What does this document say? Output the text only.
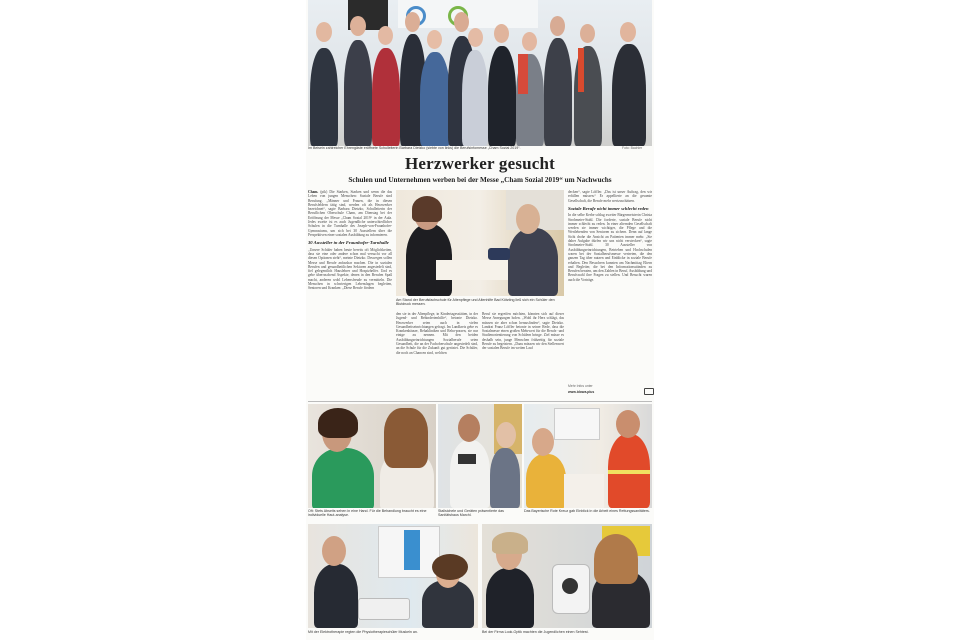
Im Beisein zahlreicher Ehrengäste eröffnete Schulleiterin Barbara Dietzko (siebte von links) die Berufsinfomesse „Cham Sozial 2019“.	Foto: Bachler
Herzwerker gesucht
Schulen und Unternehmen werben bei der Messe „Cham Sozial 2019“ um Nachwuchs
Cham. (pik) Die Starken, Starken und wenn die das Leben von jungen Menschen: Soziale Berufe sind Berufung. „Männer und Frauen, die in diesen Berufsfeldern tätig sind, werden oft als Herzwerker bezeichnet“, sagte Barbara Dietzko, Schulleiterin der Beruflichen Oberschule Cham, am Dienstag bei der Eröffnung der Messe „Cham Sozial 2019“ in der Aula. Jedes zweite ist es auch Jugendliche unterschiedlicher Schulen in die Turnhalle des Joseph-von-Fraunhofer-Gymnasiums, um sich bei 30 Ausstellern über die Perspektiven einer sozialen Ausbildung zu informieren.
30 Aussteller in der Fraunhofer-Turnhalle
„Unsere Schüler haben heute bereits oft Möglichkeiten, dass sie eine oder andere schon mal versucht vor all diesen Optionen steht“, meinte Dietzko. Deswegen sollen Messe und Berufe anfassbar machen. Die in sozialen Berufen und gesundheitlichen Sektoren angesiedelt sind, fiel gelegentlich Hauslehrer und Hospizhelfer. Und es gebe überraschend Aspekte, denen in den Berufen Spaß macht, anderen wohl Lebensfreude zu vermitteln. Die Menschen in schwierigen Lebenslagen begleiten, Senioren und Kranken: „Diese Berufe fördern
Am Stand der Berufsfachschule für Altenpflege und Altenhilfe Bad Kötzting ließ sich ein Schüler den Blutdruck messen.
den sie in der Altenpflege, in Kindertagesstätten, in der Jugend- und Behindertenhilfe“, betonte Dietzko. Herzwerker seien auch in vielen Gesundheitseinrichtungen gefragt. Im Landkreis gebe es Krankenhäuser, Rehakliniken und Reha-praxen, sie nur einige zu nennen. Mit den beiden Ausbildungseinrichtungen Sozialberufe seien Gesundheit, die an der Fachoberschule angesiedelt sind, an die Schule für die Zukunft gut gerüstet. Die Schüler, die noch an Chancen sind, welchen
Beruf sie ergreifen möchten, könnten sich auf dieser Messe Anregungen holen. „Wohl ihr Herz schlägt, das müssen sie aber schon herausfinden“, sagte Dietzko. Landrat Franz Löffler betonte in seiner Rede, dass die Sozialmesse einen großen Mehrwert für die Berufs- und Studienorientierung von Schülern bringe. Ziel müsse es deshalb sein, junge Menschen frühzeitig für soziale Berufe zu begeistern. „Dazu müssen wir den Stellenwert der sozialen Berufe im weiten Lauf
Mehr Infos unter
www.idowa.plus
decken“, sagte Löffler. „Das ist unser Auftrag, den wir erfüllen müssen.“ Er appellierte an die gesamte Gesellschaft, die Berufe mehr wertzuschätzen.
Soziale Berufe nicht immer schlecht reden
In die selbe Kerbe schlug zweiter Bürgermeisterin Christa Strohmeier-Stahl. Die forderte, soziale Berufe nicht immer schlecht zu reden. In einer alternden Gesellschaft werden sie immer wichtiger, die Pflege und die Wertlebenden von Senioren zu sichern. Denn auf lange Sicht drohe die Ansicht an Patienten immer mehr. „Sie daher Aufgabe dürfen wir uns nicht verstecken“, sagte Strohmeier-Stahl. 30 Aussteller von Ausbildungseinrichtungen, Betrieben und Hochschulen waren bei der Sozialberufsmesse vertreten, die den ganzen Tag über nutzen und Einblicke in soziale Berufe erhalten. Den Besuchern konnten am Nachmittag Eltern und Begleiter, die bei den Informationsständen zu Berufen beraten, um den Zahlen in Beruf, Ausbildung und Berufswahl ihre Fragen zu stellen. Und Besucht waren auch die Vorträge.
Oft: Stets Abseits sehen in eine Hand. Für die Behandlung braucht es eine individuelle Haut-analyse.
Stallsichele und Geräten präsentierte das Sanitätshaus Marchl.
Das Bayerische Rote Kreuz gab Einblick in die Arbeit eines Rettungssanitäters.
Mit der Elektrotherapie regten die Physiotherapieschüler Muskeln an.	Bei der Firma Look-Optik machten die Jugendlichen einen Sehtest.
